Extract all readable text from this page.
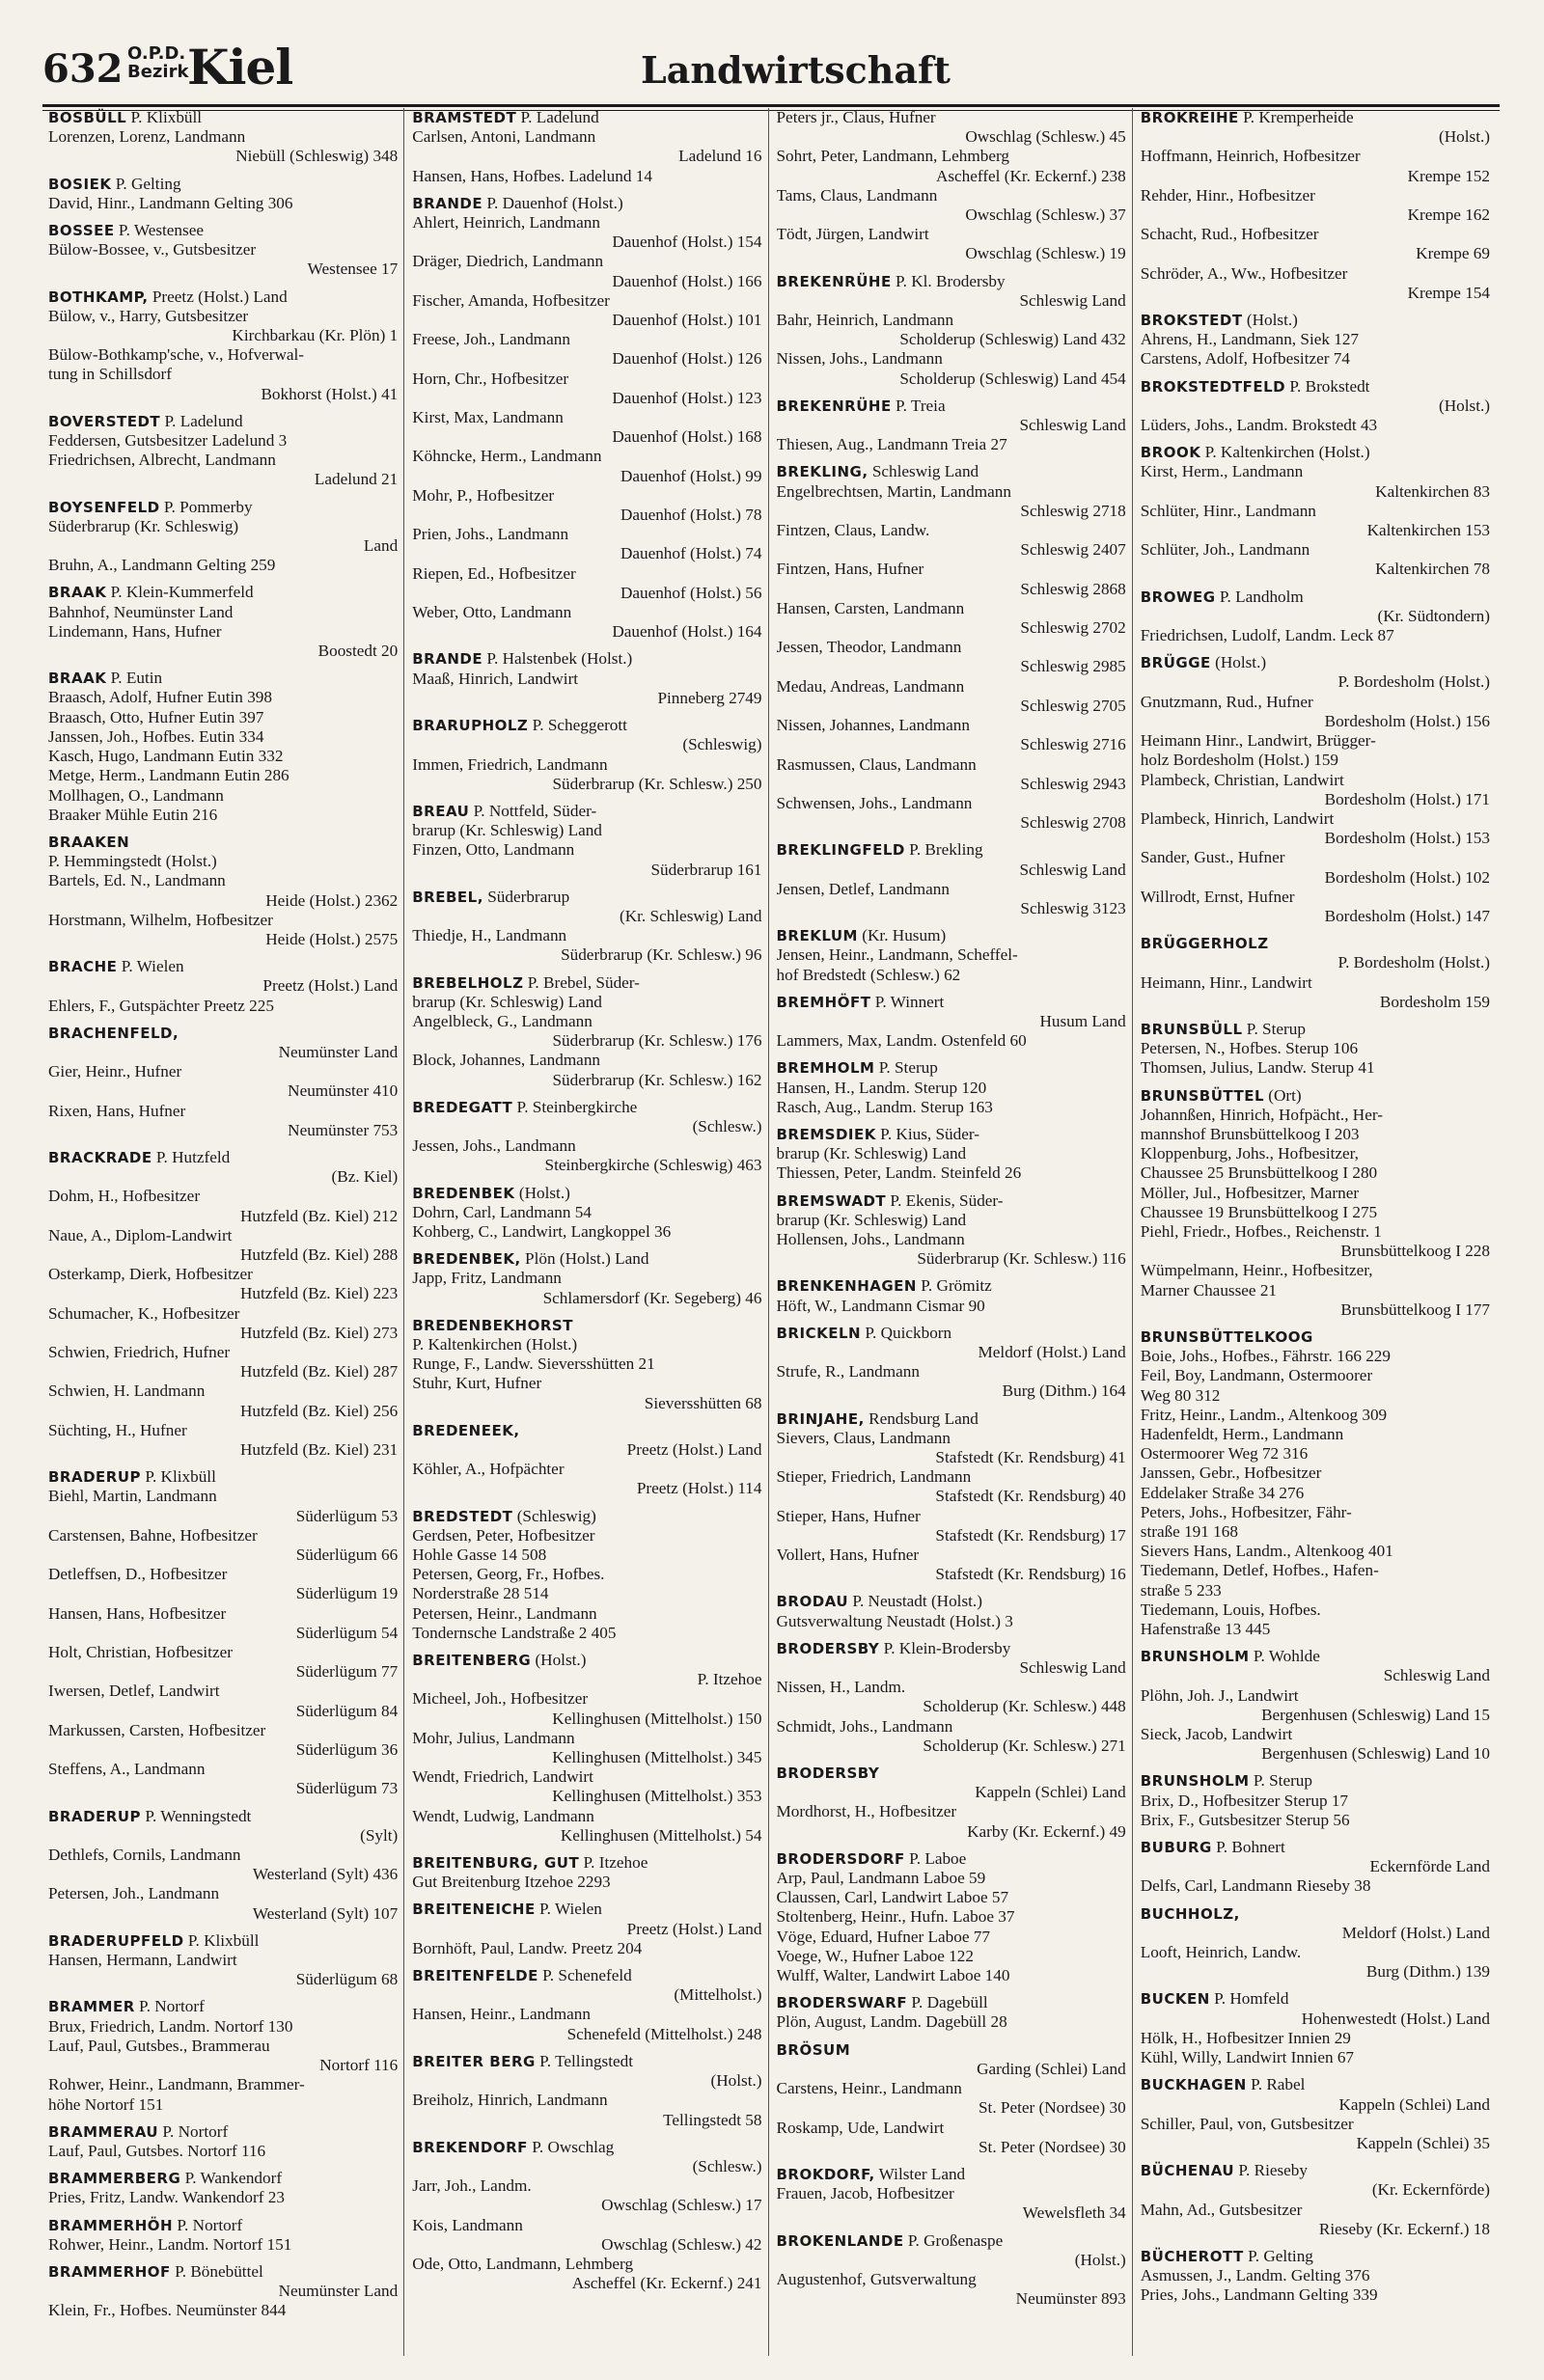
632 O.P.D.
Bezirk
Kiel	Landwirtschaft
BOSBÜLL P. Klixbüll
Lorenzen, Lorenz, Landmann
Niebüll (Schleswig) 348
BOSIEK P. Gelting
David, Hinr., Landmann Gelting 306
BOSSEE P. Westensee
Bülow-Bossee, v., Gutsbesitzer
Westensee 17
BOTHKAMP, Preetz (Holst.) Land
Bülow, v., Harry, Gutsbesitzer
Kirchbarkau (Kr. Plön) 1
Bülow-Bothkamp'sche, v., Hofverwal-
tung in Schillsdorf
Bokhorst (Holst.) 41
BOVERSTEDT P. Ladelund
Feddersen, Gutsbesitzer Ladelund 3
Friedrichsen, Albrecht, Landmann
Ladelund 21
BOYSENFELD P. Pommerby
Süderbrarup (Kr. Schleswig)
Land
Bruhn, A., Landmann Gelting 259
BRAAK P. Klein-Kummerfeld
Bahnhof, Neumünster Land
Lindemann, Hans, Hufner
Boostedt 20
BRAAK P. Eutin
Braasch, Adolf, Hufner Eutin 398
Braasch, Otto, Hufner Eutin 397
Janssen, Joh., Hofbes. Eutin 334
Kasch, Hugo, Landmann Eutin 332
Metge, Herm., Landmann Eutin 286
Mollhagen, O., Landmann
Braaker Mühle Eutin 216
BRAAKEN
P. Hemmingstedt (Holst.)
Bartels, Ed. N., Landmann
Heide (Holst.) 2362
Horstmann, Wilhelm, Hofbesitzer
Heide (Holst.) 2575
BRACHE P. Wielen
Preetz (Holst.) Land
Ehlers, F., Gutspächter Preetz 225
BRACHENFELD,
Neumünster Land
Gier, Heinr., Hufner
Neumünster 410
Rixen, Hans, Hufner
Neumünster 753
BRACKRADE P. Hutzfeld
(Bz. Kiel)
Dohm, H., Hofbesitzer
Hutzfeld (Bz. Kiel) 212
Naue, A., Diplom-Landwirt
Hutzfeld (Bz. Kiel) 288
Osterkamp, Dierk, Hofbesitzer
Hutzfeld (Bz. Kiel) 223
Schumacher, K., Hofbesitzer
Hutzfeld (Bz. Kiel) 273
Schwien, Friedrich, Hufner
Hutzfeld (Bz. Kiel) 287
Schwien, H. Landmann
Hutzfeld (Bz. Kiel) 256
Süchting, H., Hufner
Hutzfeld (Bz. Kiel) 231
BRADERUP P. Klixbüll
Biehl, Martin, Landmann
Süderlügum 53
Carstensen, Bahne, Hofbesitzer
Süderlügum 66
Detleffsen, D., Hofbesitzer
Süderlügum 19
Hansen, Hans, Hofbesitzer
Süderlügum 54
Holt, Christian, Hofbesitzer
Süderlügum 77
Iwersen, Detlef, Landwirt
Süderlügum 84
Markussen, Carsten, Hofbesitzer
Süderlügum 36
Steffens, A., Landmann
Süderlügum 73
BRADERUP P. Wenningstedt
(Sylt)
Dethlefs, Cornils, Landmann
Westerland (Sylt) 436
Petersen, Joh., Landmann
Westerland (Sylt) 107
BRADERUPFELD P. Klixbüll
Hansen, Hermann, Landwirt
Süderlügum 68
BRAMMER P. Nortorf
Brux, Friedrich, Landm. Nortorf 130
Lauf, Paul, Gutsbes., Brammerau
Nortorf 116
Rohwer, Heinr., Landmann, Brammer-
höhe Nortorf 151
BRAMMERAU P. Nortorf
Lauf, Paul, Gutsbes. Nortorf 116
BRAMMERBERG P. Wankendorf
Pries, Fritz, Landw. Wankendorf 23
BRAMMERHÖH P. Nortorf
Rohwer, Heinr., Landm. Nortorf 151
BRAMMERHOF P. Bönebüttel
Neumünster Land
Klein, Fr., Hofbes. Neumünster 844
BRAMSTEDT P. Ladelund
Carlsen, Antoni, Landmann
Ladelund 16
Hansen, Hans, Hofbes. Ladelund 14
BRANDE P. Dauenhof (Holst.)
Ahlert, Heinrich, Landmann
Dauenhof (Holst.) 154
Dräger, Diedrich, Landmann
Dauenhof (Holst.) 166
Fischer, Amanda, Hofbesitzer
Dauenhof (Holst.) 101
Freese, Joh., Landmann
Dauenhof (Holst.) 126
Horn, Chr., Hofbesitzer
Dauenhof (Holst.) 123
Kirst, Max, Landmann
Dauenhof (Holst.) 168
Köhncke, Herm., Landmann
Dauenhof (Holst.) 99
Mohr, P., Hofbesitzer
Dauenhof (Holst.) 78
Prien, Johs., Landmann
Dauenhof (Holst.) 74
Riepen, Ed., Hofbesitzer
Dauenhof (Holst.) 56
Weber, Otto, Landmann
Dauenhof (Holst.) 164
BRANDE P. Halstenbek (Holst.)
Maaß, Hinrich, Landwirt
Pinneberg 2749
BRARUPHOLZ P. Scheggerott
(Schleswig)
Immen, Friedrich, Landmann
Süderbrarup (Kr. Schlesw.) 250
BREAU P. Nottfeld, Süder-
brarup (Kr. Schleswig) Land
Finzen, Otto, Landmann
Süderbrarup 161
BREBEL, Süderbrarup
(Kr. Schleswig) Land
Thiedje, H., Landmann
Süderbrarup (Kr. Schlesw.) 96
BREBELHOLZ P. Brebel, Süder-
brarup (Kr. Schleswig) Land
Angelbleck, G., Landmann
Süderbrarup (Kr. Schlesw.) 176
Block, Johannes, Landmann
Süderbrarup (Kr. Schlesw.) 162
BREDEGATT P. Steinbergkirche
(Schlesw.)
Jessen, Johs., Landmann
Steinbergkirche (Schleswig) 463
BREDENBEK (Holst.)
Dohrn, Carl, Landmann 54
Kohberg, C., Landwirt, Langkoppel 36
BREDENBEK, Plön (Holst.) Land
Japp, Fritz, Landmann
Schlamersdorf (Kr. Segeberg) 46
BREDENBEKHORST
P. Kaltenkirchen (Holst.)
Runge, F., Landw. Sieversshütten 21
Stuhr, Kurt, Hufner
Sieversshütten 68
BREDENEEK,
Preetz (Holst.) Land
Köhler, A., Hofpächter
Preetz (Holst.) 114
BREDSTEDT (Schleswig)
Gerdsen, Peter, Hofbesitzer
Hohle Gasse 14 508
Petersen, Georg, Fr., Hofbes.
Norderstraße 28 514
Petersen, Heinr., Landmann
Tondernsche Landstraße 2 405
BREITENBERG (Holst.)
P. Itzehoe
Micheel, Joh., Hofbesitzer
Kellinghusen (Mittelholst.) 150
Mohr, Julius, Landmann
Kellinghusen (Mittelholst.) 345
Wendt, Friedrich, Landwirt
Kellinghusen (Mittelholst.) 353
Wendt, Ludwig, Landmann
Kellinghusen (Mittelholst.) 54
BREITENBURG, GUT P. Itzehoe
Gut Breitenburg Itzehoe 2293
BREITENEICHE P. Wielen
Preetz (Holst.) Land
Bornhöft, Paul, Landw. Preetz 204
BREITENFELDE P. Schenefeld
(Mittelholst.)
Hansen, Heinr., Landmann
Schenefeld (Mittelholst.) 248
BREITER BERG P. Tellingstedt
(Holst.)
Breiholz, Hinrich, Landmann
Tellingstedt 58
BREKENDORF P. Owschlag
(Schlesw.)
Jarr, Joh., Landm.
Owschlag (Schlesw.) 17
Kois, Landmann
Owschlag (Schlesw.) 42
Ode, Otto, Landmann, Lehmberg
Ascheffel (Kr. Eckernf.) 241
Peters jr., Claus, Hufner
Owschlag (Schlesw.) 45
Sohrt, Peter, Landmann, Lehmberg
Ascheffel (Kr. Eckernf.) 238
Tams, Claus, Landmann
Owschlag (Schlesw.) 37
Tödt, Jürgen, Landwirt
Owschlag (Schlesw.) 19
BREKENRÜHE P. Kl. Brodersby
Schleswig Land
Bahr, Heinrich, Landmann
Scholderup (Schleswig) Land 432
Nissen, Johs., Landmann
Scholderup (Schleswig) Land 454
BREKENRÜHE P. Treia
Schleswig Land
Thiesen, Aug., Landmann Treia 27
BREKLING, Schleswig Land
Engelbrechtsen, Martin, Landmann
Schleswig 2718
Fintzen, Claus, Landw.
Schleswig 2407
Fintzen, Hans, Hufner
Schleswig 2868
Hansen, Carsten, Landmann
Schleswig 2702
Jessen, Theodor, Landmann
Schleswig 2985
Medau, Andreas, Landmann
Schleswig 2705
Nissen, Johannes, Landmann
Schleswig 2716
Rasmussen, Claus, Landmann
Schleswig 2943
Schwensen, Johs., Landmann
Schleswig 2708
BREKLINGFELD P. Brekling
Schleswig Land
Jensen, Detlef, Landmann
Schleswig 3123
BREKLUM (Kr. Husum)
Jensen, Heinr., Landmann, Scheffel-
hof Bredstedt (Schlesw.) 62
BREMHÖFT P. Winnert
Husum Land
Lammers, Max, Landm. Ostenfeld 60
BREMHOLM P. Sterup
Hansen, H., Landm. Sterup 120
Rasch, Aug., Landm. Sterup 163
BREMSDIEK P. Kius, Süder-
brarup (Kr. Schleswig) Land
Thiessen, Peter, Landm. Steinfeld 26
BREMSWADT P. Ekenis, Süder-
brarup (Kr. Schleswig) Land
Hollensen, Johs., Landmann
Süderbrarup (Kr. Schlesw.) 116
BRENKENHAGEN P. Grömitz
Höft, W., Landmann Cismar 90
BRICKELN P. Quickborn
Meldorf (Holst.) Land
Strufe, R., Landmann
Burg (Dithm.) 164
BRINJAHE, Rendsburg Land
Sievers, Claus, Landmann
Stafstedt (Kr. Rendsburg) 41
Stieper, Friedrich, Landmann
Stafstedt (Kr. Rendsburg) 40
Stieper, Hans, Hufner
Stafstedt (Kr. Rendsburg) 17
Vollert, Hans, Hufner
Stafstedt (Kr. Rendsburg) 16
BRODAU P. Neustadt (Holst.)
Gutsverwaltung Neustadt (Holst.) 3
BRODERSBY P. Klein-Brodersby
Schleswig Land
Nissen, H., Landm.
Scholderup (Kr. Schlesw.) 448
Schmidt, Johs., Landmann
Scholderup (Kr. Schlesw.) 271
BRODERSBY
Kappeln (Schlei) Land
Mordhorst, H., Hofbesitzer
Karby (Kr. Eckernf.) 49
BRODERSDORF P. Laboe
Arp, Paul, Landmann Laboe 59
Claussen, Carl, Landwirt Laboe 57
Stoltenberg, Heinr., Hufn. Laboe 37
Vöge, Eduard, Hufner Laboe 77
Voege, W., Hufner Laboe 122
Wulff, Walter, Landwirt Laboe 140
BRODERSWARF P. Dagebüll
Plön, August, Landm. Dagebüll 28
BRÖSUM
Garding (Schlei) Land
Carstens, Heinr., Landmann
St. Peter (Nordsee) 30
Roskamp, Ude, Landwirt
St. Peter (Nordsee) 30
BROKDORF, Wilster Land
Frauen, Jacob, Hofbesitzer
Wewelsfleth 34
BROKENLANDE P. Großenaspe
(Holst.)
Augustenhof, Gutsverwaltung
Neumünster 893
BROKREIHE P. Kremperheide
(Holst.)
Hoffmann, Heinrich, Hofbesitzer
Krempe 152
Rehder, Hinr., Hofbesitzer
Krempe 162
Schacht, Rud., Hofbesitzer
Krempe 69
Schröder, A., Ww., Hofbesitzer
Krempe 154
BROKSTEDT (Holst.)
Ahrens, H., Landmann, Siek 127
Carstens, Adolf, Hofbesitzer 74
BROKSTEDTFELD P. Brokstedt
(Holst.)
Lüders, Johs., Landm. Brokstedt 43
BROOK P. Kaltenkirchen (Holst.)
Kirst, Herm., Landmann
Kaltenkirchen 83
Schlüter, Hinr., Landmann
Kaltenkirchen 153
Schlüter, Joh., Landmann
Kaltenkirchen 78
BROWEG P. Landholm
(Kr. Südtondern)
Friedrichsen, Ludolf, Landm. Leck 87
BRÜGGE (Holst.)
P. Bordesholm (Holst.)
Gnutzmann, Rud., Hufner
Bordesholm (Holst.) 156
Heimann Hinr., Landwirt, Brügger-
holz Bordesholm (Holst.) 159
Plambeck, Christian, Landwirt
Bordesholm (Holst.) 171
Plambeck, Hinrich, Landwirt
Bordesholm (Holst.) 153
Sander, Gust., Hufner
Bordesholm (Holst.) 102
Willrodt, Ernst, Hufner
Bordesholm (Holst.) 147
BRÜGGERHOLZ
P. Bordesholm (Holst.)
Heimann, Hinr., Landwirt
Bordesholm 159
BRUNSBÜLL P. Sterup
Petersen, N., Hofbes. Sterup 106
Thomsen, Julius, Landw. Sterup 41
BRUNSBÜTTEL (Ort)
Johannßen, Hinrich, Hofpächt., Her-
mannshof Brunsbüttelkoog I 203
Kloppenburg, Johs., Hofbesitzer,
Chaussee 25 Brunsbüttelkoog I 280
Möller, Jul., Hofbesitzer, Marner
Chaussee 19 Brunsbüttelkoog I 275
Piehl, Friedr., Hofbes., Reichenstr. 1
Brunsbüttelkoog I 228
Wümpelmann, Heinr., Hofbesitzer,
Marner Chaussee 21
Brunsbüttelkoog I 177
BRUNSBÜTTELKOOG
Boie, Johs., Hofbes., Fährstr. 166 229
Feil, Boy, Landmann, Ostermoorer
Weg 80 312
Fritz, Heinr., Landm., Altenkoog 309
Hadenfeldt, Herm., Landmann
Ostermoorer Weg 72 316
Janssen, Gebr., Hofbesitzer
Eddelaker Straße 34 276
Peters, Johs., Hofbesitzer, Fähr-
straße 191 168
Sievers Hans, Landm., Altenkoog 401
Tiedemann, Detlef, Hofbes., Hafen-
straße 5 233
Tiedemann, Louis, Hofbes.
Hafenstraße 13 445
BRUNSHOLM P. Wohlde
Schleswig Land
Plöhn, Joh. J., Landwirt
Bergenhusen (Schleswig) Land 15
Sieck, Jacob, Landwirt
Bergenhusen (Schleswig) Land 10
BRUNSHOLM P. Sterup
Brix, D., Hofbesitzer Sterup 17
Brix, F., Gutsbesitzer Sterup 56
BUBURG P. Bohnert
Eckernförde Land
Delfs, Carl, Landmann Rieseby 38
BUCHHOLZ,
Meldorf (Holst.) Land
Looft, Heinrich, Landw.
Burg (Dithm.) 139
BUCKEN P. Homfeld
Hohenwestedt (Holst.) Land
Hölk, H., Hofbesitzer Innien 29
Kühl, Willy, Landwirt Innien 67
BUCKHAGEN P. Rabel
Kappeln (Schlei) Land
Schiller, Paul, von, Gutsbesitzer
Kappeln (Schlei) 35
BÜCHENAU P. Rieseby
(Kr. Eckernförde)
Mahn, Ad., Gutsbesitzer
Rieseby (Kr. Eckernf.) 18
BÜCHEROTT P. Gelting
Asmussen, J., Landm. Gelting 376
Pries, Johs., Landmann Gelting 339
